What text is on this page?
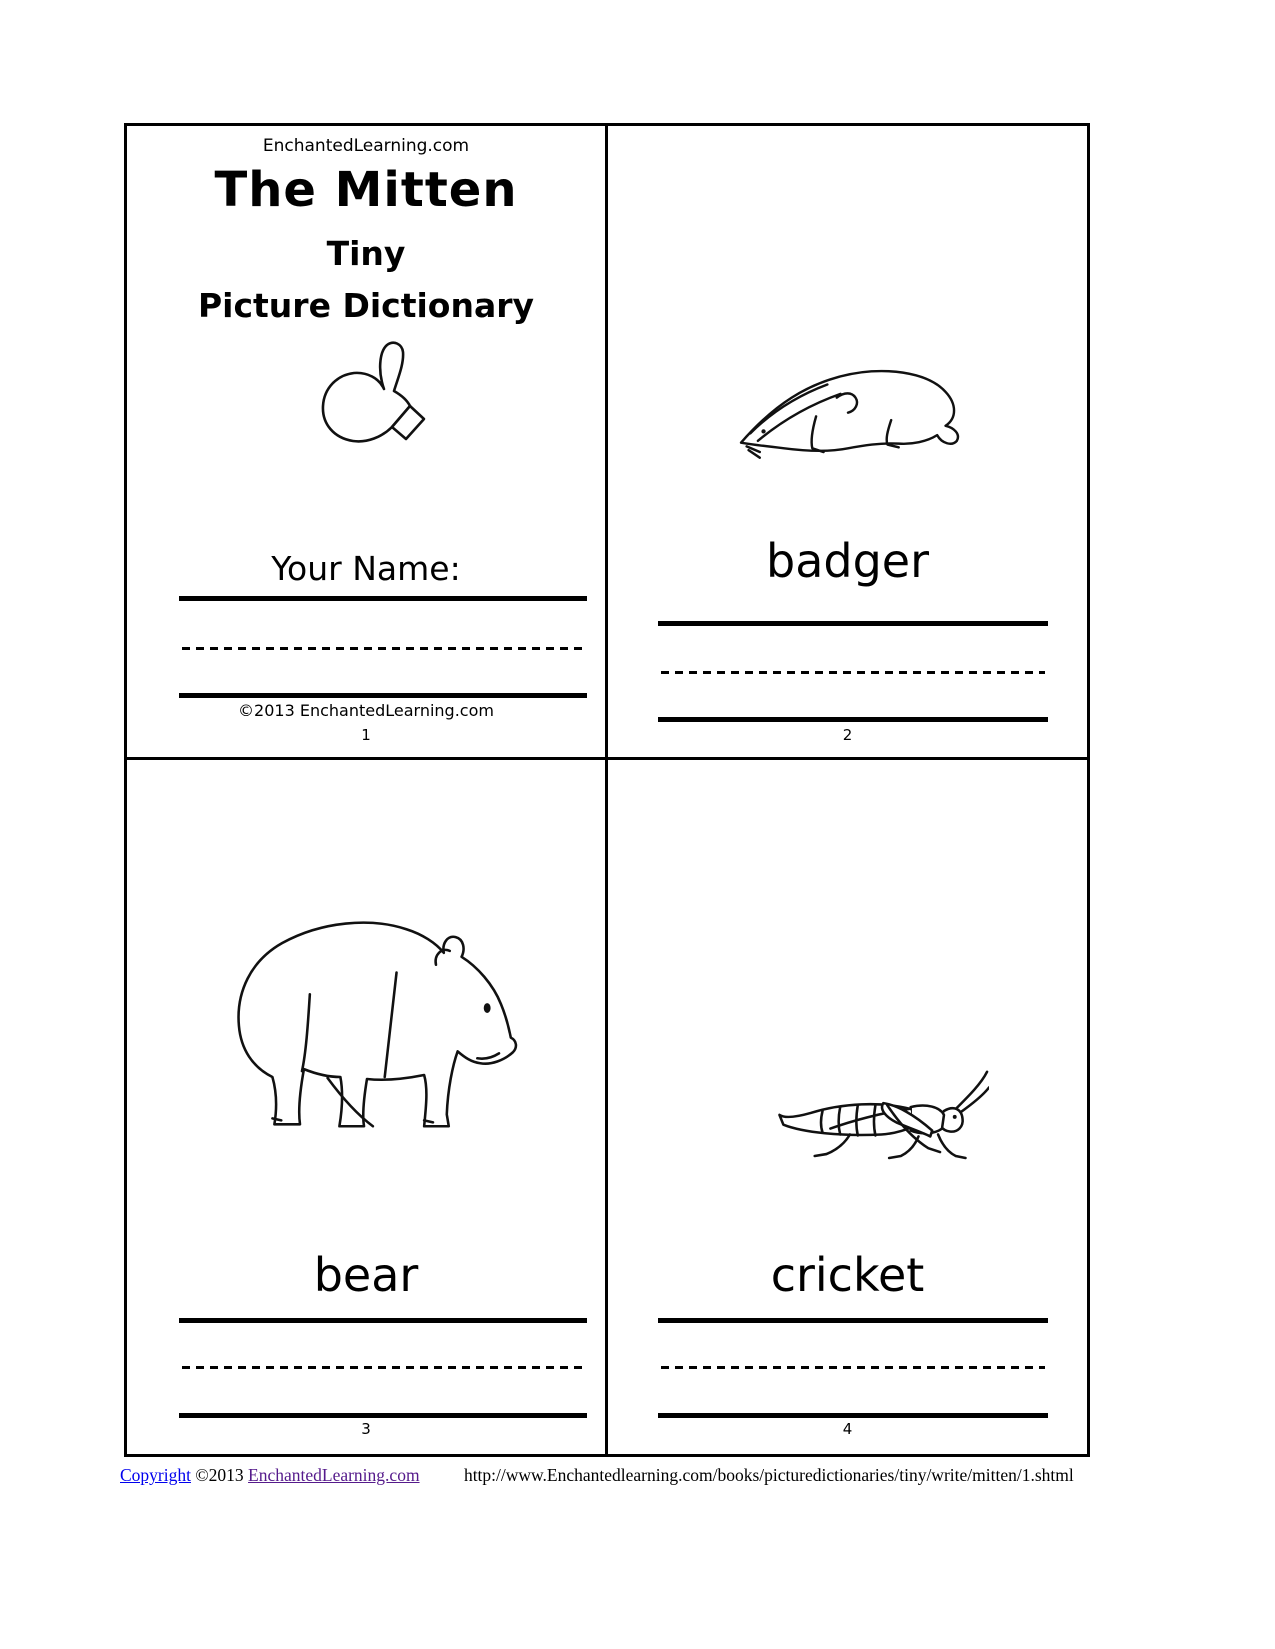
EnchantedLearning.com
The Mitten
Tiny
Picture Dictionary
Your Name:
©2013 EnchantedLearning.com
1
badger
2
bear
3
cricket
4
Copyright ©2013 EnchantedLearning.com	http://www.Enchantedlearning.com/books/picturedictionaries/tiny/write/mitten/1.shtml
